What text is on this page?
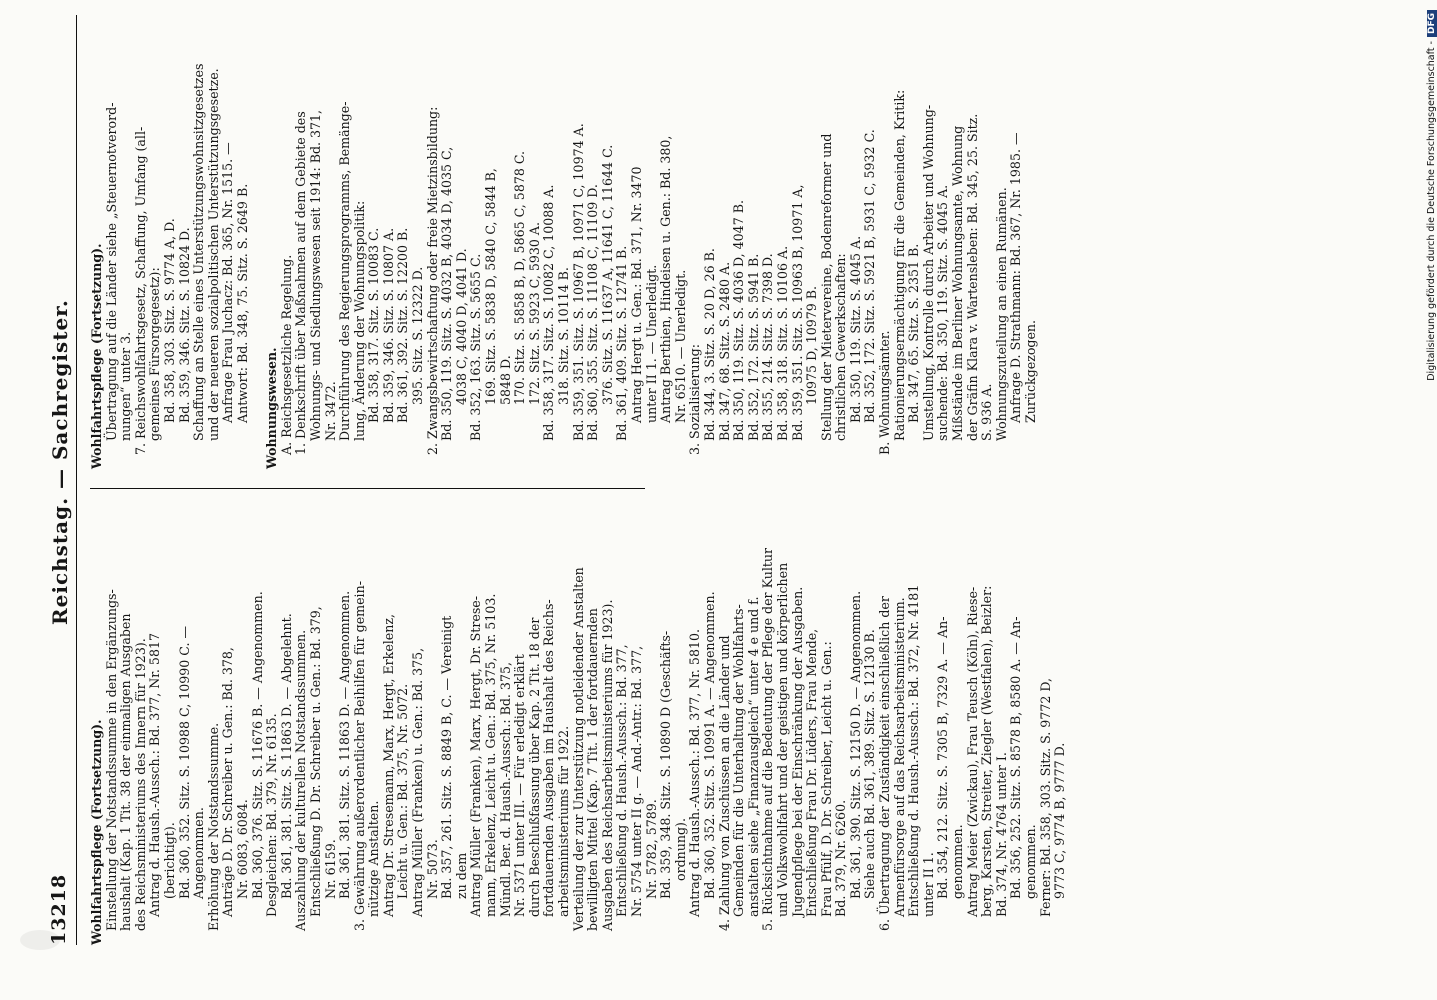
13218
Reichstag. — Sachregister.
Wohlfahrtspflege (Fortsetzung). Einstellung der Notstandssumme in den Ergänzungs- haushalt (Kap. 1 Tit. 38 der einmaligen Ausgaben des Reichsministeriums des Innern für 1923). Antrag d. Haush.-Aussch.: Bd. 377, Nr. 5817 (berichtigt). Bd. 360, 352. Sitz. S. 10988 C, 10990 C. — Angenommen. Erhöhung der Notstandssumme. Anträge D. Dr. Schreiber u. Gen.: Bd. 378, Nr. 6083, 6084. Bd. 360, 376. Sitz. S. 11676 B. — Angenommen. Desgleichen: Bd. 379, Nr. 6135. Bd. 361, 381. Sitz. S. 11863 D. — Abgelehnt. Auszahlung der kulturellen Notstandssummen. Entschließung D. Dr. Schreiber u. Gen.: Bd. 379, Nr. 6159. Bd. 361, 381. Sitz. S. 11863 D. — Angenommen. 3. Gewährung außerordentlicher Beihilfen für gemein- nützige Anstalten. Antrag Dr. Stresemann, Marx, Hergt, Erkelenz, Leicht u. Gen.: Bd. 375, Nr. 5072. Antrag Müller (Franken) u. Gen.: Bd. 375, Nr. 5073. Bd. 357, 261. Sitz. S. 8849 B, C. — Vereinigt zu dem Antrag Müller (Franken), Marx, Hergt, Dr. Strese- mann, Erkelenz, Leicht u. Gen.: Bd. 375, Nr. 5103. Mündl. Ber. d. Haush.-Aussch.: Bd. 375, Nr. 5371 unter III. — Für erledigt erklärt durch Beschlußfassung über Kap. 2 Tit. 18 der fortdauernden Ausgaben im Haushalt des Reichs- arbeitsministeriums für 1922. Verteilung der zur Unterstützung notleidender Anstalten bewilligten Mittel (Kap. 7 Tit. 1 der fortdauernden Ausgaben des Reichsarbeitsministeriums für 1923). Entschließung d. Haush.-Aussch.: Bd. 377, Nr. 5754 unter II g. — And.-Antr.: Bd. 377, Nr. 5782, 5789. Bd. 359, 348. Sitz. S. 10890 D (Geschäfts- ordnung). Antrag d. Haush.-Aussch.: Bd. 377, Nr. 5810. Bd. 360, 352. Sitz. S. 10991 A. — Angenommen. 4. Zahlung von Zuschüssen an die Länder und Gemeinden für die Unterhaltung der Wohlfahrts- anstalten siehe „Finanzausgleich“ unter 4 e und f. 5. Rücksichtnahme auf die Bedeutung der Pflege der Kultur und Volkswohlfahrt und der geistigen und körperlichen Jugendpflege bei der Einschränkung der Ausgaben. Entschließung Frau Dr. Lüders, Frau Mende, Frau Pfülf, D. Dr. Schreiber, Leicht u. Gen.: Bd. 379, Nr. 6260. Bd. 361, 390. Sitz. S. 12150 D. — Angenommen. Siehe auch Bd. 361, 389. Sitz. S. 12130 B. 6. Übertragung der Zuständigkeit einschließlich der Armenfürsorge auf das Reichsarbeitsministerium. Entschließung d. Haush.-Aussch.: Bd. 372, Nr. 4181 unter II 1. Bd. 354, 212. Sitz. S. 7305 B, 7329 A. — An- genommen. Antrag Meier (Zwickau), Frau Teusch (Köln), Riese- berg, Karsten, Streiter, Ziegler (Westfalen), Beizler: Bd. 374, Nr. 4764 unter I. Bd. 356, 252. Sitz. S. 8578 B, 8580 A. — An- genommen. Ferner: Bd. 358, 303. Sitz. S. 9772 D, 9773 C, 9774 B, 9777 D.
Wohlfahrtspflege (Fortsetzung). Übertragung auf die Länder siehe „Steuernotverord- nungen“ unter 3. 7. Reichswohlfahrtsgesetz, Schaffung, Umfang (all- gemeines Fürsorgegesetz): Bd. 358, 303. Sitz. S. 9774 A, D. Bd. 359, 346. Sitz. S. 10824 D. Schaffung an Stelle eines Unterstützungswohnsitzgesetzes und der neueren sozialpolitischen Unterstützungsgesetze. Anfrage Frau Juchacz: Bd. 365, Nr. 1515. — Antwort: Bd. 348, 75. Sitz. S. 2649 B.
Wohnungswesen. A. Reichsgesetzliche Regelung. 1. Denkschrift über Maßnahmen auf dem Gebiete des Wohnungs- und Siedlungswesen seit 1914: Bd. 371, Nr. 3472. Durchführung des Regierungsprogramms, Bemänge- lung, Änderung der Wohnungspolitik: Bd. 358, 317. Sitz. S. 10083 C. Bd. 359, 346. Sitz. S. 10807 A. Bd. 361, 392. Sitz. S. 12200 B. 395. Sitz. S. 12322 D. 2. Zwangsbewirtschaftung oder freie Mietzinsbildung: Bd. 350, 119. Sitz. S. 4032 B, 4034 D, 4035 C, 4038 C, 4040 D, 4041 D. Bd. 352, 163. Sitz. S. 5655 C. 169. Sitz. S. 5838 D, 5840 C, 5844 B, 5848 D. 170. Sitz. S. 5858 B, D, 5865 C, 5878 C. 172. Sitz. S. 5923 C, 5930 A. Bd. 358, 317. Sitz. S. 10082 C, 10088 A. 318. Sitz. S. 10114 B. Bd. 359, 351. Sitz. S. 10967 B, 10971 C, 10974 A. Bd. 360, 355. Sitz. S. 11108 C, 11109 D. 376. Sitz. S. 11637 A, 11641 C, 11644 C. Bd. 361, 409. Sitz. S. 12741 B. Antrag Hergt u. Gen.: Bd. 371, Nr. 3470 unter II 1. — Unerledigt. Antrag Berthien, Hindeisen u. Gen.: Bd. 380, Nr. 6510. — Unerledigt. 3. Sozialisierung: Bd. 344, 3. Sitz. S. 20 D, 26 B. Bd. 347, 68. Sitz. S. 2480 A. Bd. 350, 119. Sitz. S. 4036 D, 4047 B. Bd. 352, 172. Sitz. S. 5941 B. Bd. 355, 214. Sitz. S. 7398 D. Bd. 358, 318. Sitz. S. 10106 A. Bd. 359, 351. Sitz. S. 10963 B, 10971 A, 10975 D, 10979 B. Stellung der Mietervereine, Bodenreformer und christlichen Gewerkschaften: Bd. 350, 119. Sitz. S. 4045 A. Bd. 352, 172. Sitz. S. 5921 B, 5931 C, 5932 C. B. Wohnungsämter. Rationierungsermächtigung für die Gemeinden, Kritik: Bd. 347, 65. Sitz. S. 2351 B. Umstellung, Kontrolle durch Arbeiter und Wohnung- suchende: Bd. 350, 119. Sitz. S. 4045 A. Mißstände im Berliner Wohnungsamte, Wohnung der Gräfin Klara v. Wartensleben: Bd. 345, 25. Sitz. S. 936 A. Wohnungszuteilung an einen Rumänen. Anfrage D. Strathmann: Bd. 367, Nr. 1985. — Zurückgezogen.	Digitalisierung gefördert durch die Deutsche Forschungsgemeinschaft -DFG
